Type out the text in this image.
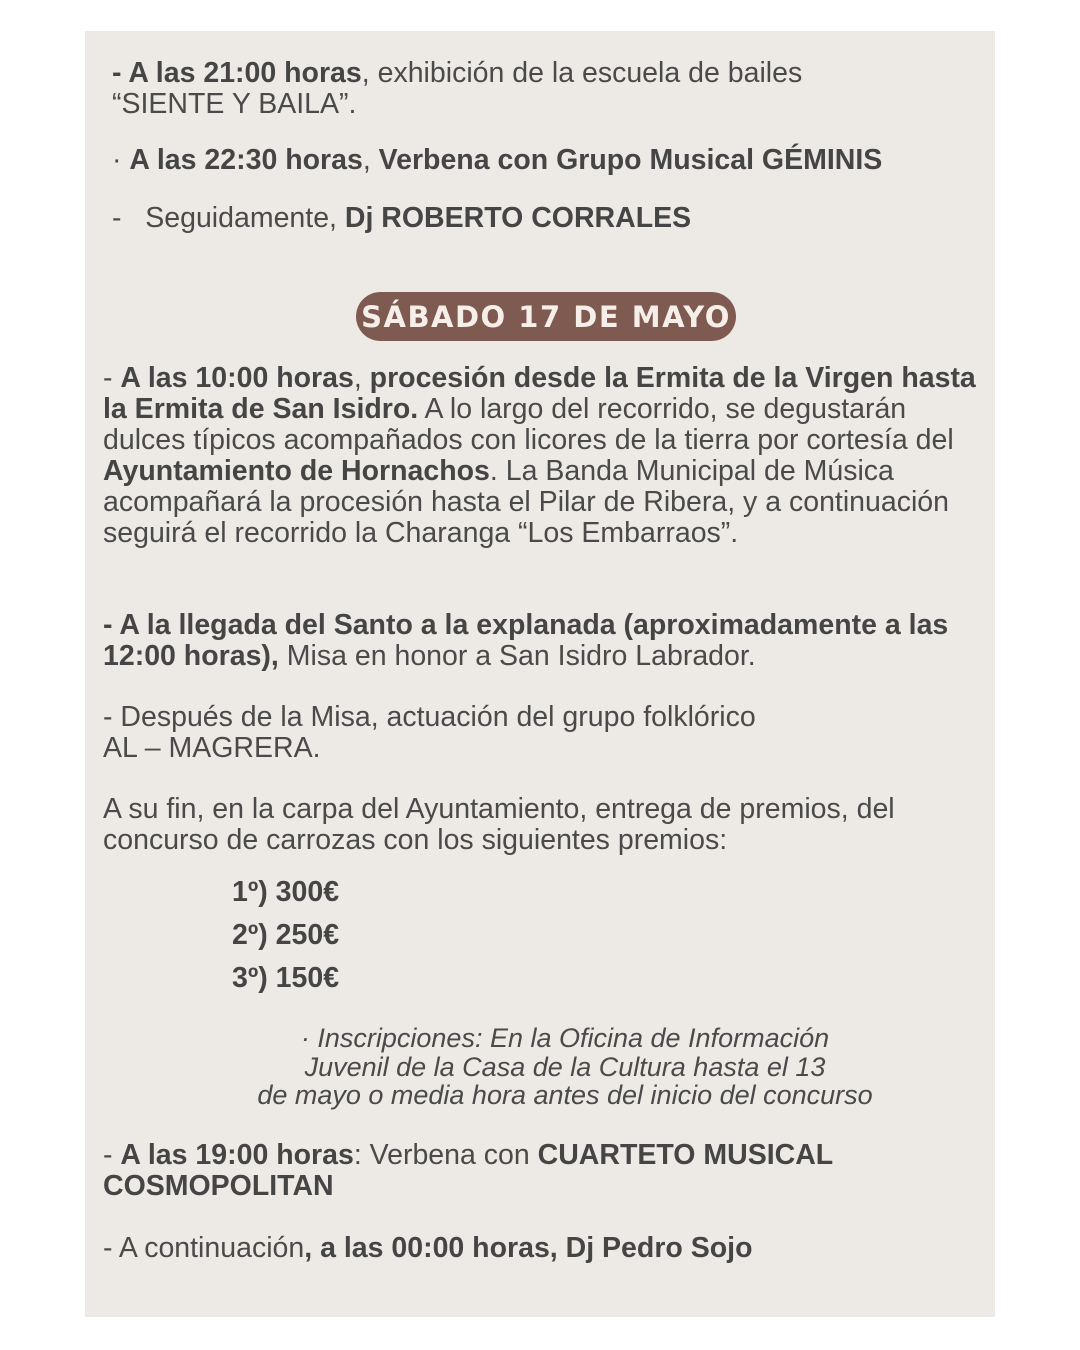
- A las 21:00 horas, exhibición de la escuela de bailes
“SIENTE Y BAILA”.
· A las 22:30 horas, Verbena con Grupo Musical GÉMINIS
-   Seguidamente, Dj ROBERTO CORRALES
SÁBADO 17 DE MAYO
- A las 10:00 horas, procesión desde la Ermita de la Virgen hasta la Ermita de San Isidro. A lo largo del recorrido, se degustarán dulces típicos acompañados con licores de la tierra por cortesía del Ayuntamiento de Hornachos. La Banda Municipal de Música acompañará la procesión hasta el Pilar de Ribera, y a continuación seguirá el recorrido la Charanga “Los Embarraos”.
- A la llegada del Santo a la explanada (aproximadamente a las 12:00 horas), Misa en honor a San Isidro Labrador.
- Después de la Misa, actuación del grupo folklórico
AL – MAGRERA.
A su fin, en la carpa del Ayuntamiento, entrega de premios, del concurso de carrozas con los siguientes premios:
1º) 300€
2º) 250€
3º) 150€
· Inscripciones: En la Oficina de Información
Juvenil de la Casa de la Cultura hasta el 13
de mayo o media hora antes del inicio del concurso
- A las 19:00 horas: Verbena con CUARTETO MUSICAL COSMOPOLITAN
- A continuación, a las 00:00 horas, Dj Pedro Sojo
